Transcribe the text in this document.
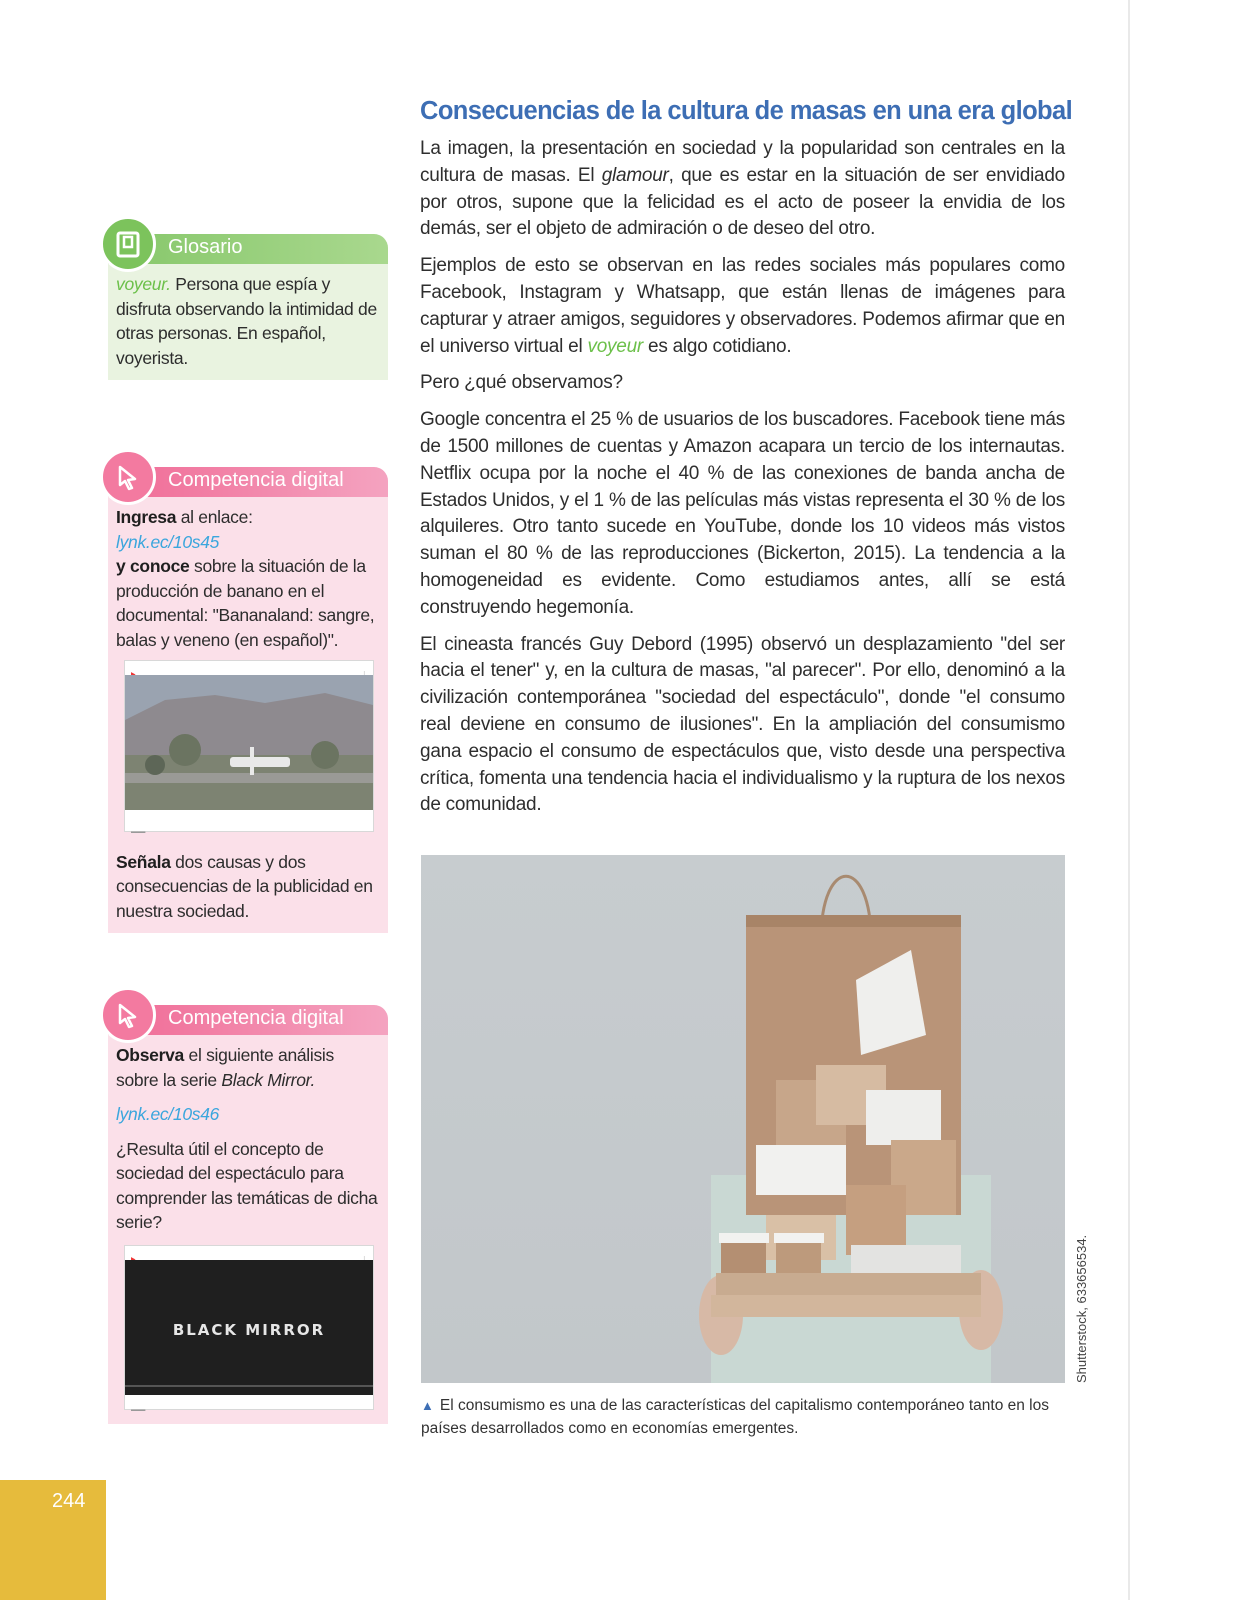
Consecuencias de la cultura de masas en una era global

La imagen, la presentación en sociedad y la popularidad son centrales en la cultura de masas. El glamour, que es estar en la situación de ser envidiado por otros, supone que la felicidad es el acto de poseer la envidia de los demás, ser el objeto de admiración o de deseo del otro.

Ejemplos de esto se observan en las redes sociales más populares como Facebook, Instagram y Whatsapp, que están llenas de imágenes para capturar y atraer amigos, seguidores y observadores. Podemos afirmar que en el universo virtual el voyeur es algo cotidiano.

Pero ¿qué observamos?

Google concentra el 25 % de usuarios de los buscadores. Facebook tiene más de 1500 millones de cuentas y Amazon acapara un tercio de los internautas. Netflix ocupa por la noche el 40 % de las conexiones de banda ancha de Estados Unidos, y el 1 % de las películas más vistas representa el 30 % de los alquileres. Otro tanto sucede en YouTube, donde los 10 videos más vistos suman el 80 % de las reproducciones (Bickerton, 2015). La tendencia a la homogeneidad es evidente. Como estudiamos antes, allí se está construyendo hegemonía.

El cineasta francés Guy Debord (1995) observó un desplazamiento "del ser hacia el tener" y, en la cultura de masas, "al parecer". Por ello, denominó a la civilización contemporánea "sociedad del espectáculo", donde "el consumo real deviene en consumo de ilusiones". En la ampliación del consumismo gana espacio el consumo de espectáculos que, visto desde una perspectiva crítica, fomenta una tendencia hacia el individualismo y la ruptura de los nexos de comunidad.

▲ El consumismo es una de las características del capitalismo contemporáneo tanto en los países desarrollados como en economías emergentes.

Shutterstock, 633656534.
Glosario
voyeur. Persona que espía y disfruta observando la intimidad de otras personas. En español, voyerista.
Competencia digital
Ingresa al enlace:
lynk.ec/10s45
y conoce sobre la situación de la producción de banano en el documental: "Bananaland: sangre, balas y veneno (en español)".
▬▬▬
Señala dos causas y dos consecuencias de la publicidad en nuestra sociedad.
Competencia digital
Observa el siguiente análisis sobre la serie Black Mirror.
lynk.ec/10s46
¿Resulta útil el concepto de sociedad del espectáculo para comprender las temáticas de dicha serie?
BLACK MIRROR
▬▬▬
244
